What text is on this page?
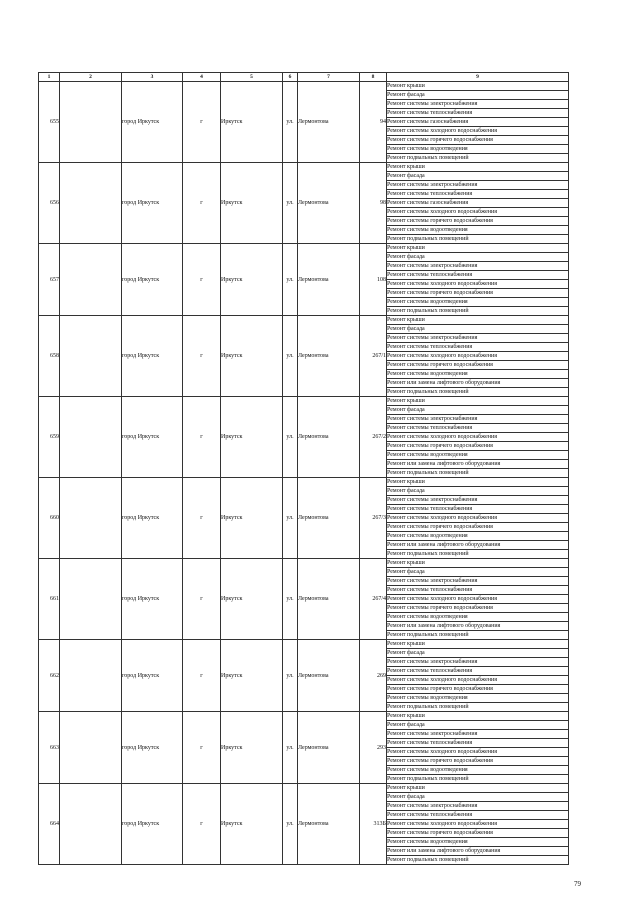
1	2	3	4	5	6	7	8	9
655		город Иркутск	г	Иркутск	ул.	Лермонтова	94	Ремонт крыши
								Ремонт фасада
								Ремонт системы электроснабжения
								Ремонт системы теплоснабжения
								Ремонт системы газоснабжения
								Ремонт системы холодного водоснабжения
								Ремонт системы горячего водоснабжения
								Ремонт системы водоотведения
								Ремонт подвальных помещений
656		город Иркутск	г	Иркутск	ул.	Лермонтова	98	Ремонт крыши
								Ремонт фасада
								Ремонт системы электроснабжения
								Ремонт системы теплоснабжения
								Ремонт системы газоснабжения
								Ремонт системы холодного водоснабжения
								Ремонт системы горячего водоснабжения
								Ремонт системы водоотведения
								Ремонт подвальных помещений
657		город Иркутск	г	Иркутск	ул.	Лермонтова	108	Ремонт крыши
								Ремонт фасада
								Ремонт системы электроснабжения
								Ремонт системы теплоснабжения
								Ремонт системы холодного водоснабжения
								Ремонт системы горячего водоснабжения
								Ремонт системы водоотведения
								Ремонт подвальных помещений
658		город Иркутск	г	Иркутск	ул.	Лермонтова	267/1	Ремонт крыши
								Ремонт фасада
								Ремонт системы электроснабжения
								Ремонт системы теплоснабжения
								Ремонт системы холодного водоснабжения
								Ремонт системы горячего водоснабжения
								Ремонт системы водоотведения
								Ремонт или замена лифтового оборудования
								Ремонт подвальных помещений
659		город Иркутск	г	Иркутск	ул.	Лермонтова	267/2	Ремонт крыши
								Ремонт фасада
								Ремонт системы электроснабжения
								Ремонт системы теплоснабжения
								Ремонт системы холодного водоснабжения
								Ремонт системы горячего водоснабжения
								Ремонт системы водоотведения
								Ремонт или замена лифтового оборудования
								Ремонт подвальных помещений
660		город Иркутск	г	Иркутск	ул.	Лермонтова	267/3	Ремонт крыши
								Ремонт фасада
								Ремонт системы электроснабжения
								Ремонт системы теплоснабжения
								Ремонт системы холодного водоснабжения
								Ремонт системы горячего водоснабжения
								Ремонт системы водоотведения
								Ремонт или замена лифтового оборудования
								Ремонт подвальных помещений
661		город Иркутск	г	Иркутск	ул.	Лермонтова	267/4	Ремонт крыши
								Ремонт фасада
								Ремонт системы электроснабжения
								Ремонт системы теплоснабжения
								Ремонт системы холодного водоснабжения
								Ремонт системы горячего водоснабжения
								Ремонт системы водоотведения
								Ремонт или замена лифтового оборудования
								Ремонт подвальных помещений
662		город Иркутск	г	Иркутск	ул.	Лермонтова	269	Ремонт крыши
								Ремонт фасада
								Ремонт системы электроснабжения
								Ремонт системы теплоснабжения
								Ремонт системы холодного водоснабжения
								Ремонт системы горячего водоснабжения
								Ремонт системы водоотведения
								Ремонт подвальных помещений
663		город Иркутск	г	Иркутск	ул.	Лермонтова	293	Ремонт крыши
								Ремонт фасада
								Ремонт системы электроснабжения
								Ремонт системы теплоснабжения
								Ремонт системы холодного водоснабжения
								Ремонт системы горячего водоснабжения
								Ремонт системы водоотведения
								Ремонт подвальных помещений
664		город Иркутск	г	Иркутск	ул.	Лермонтова	313Б	Ремонт крыши
								Ремонт фасада
								Ремонт системы электроснабжения
								Ремонт системы теплоснабжения
								Ремонт системы холодного водоснабжения
								Ремонт системы горячего водоснабжения
								Ремонт системы водоотведения
								Ремонт или замена лифтового оборудования
								Ремонт подвальных помещений
79
